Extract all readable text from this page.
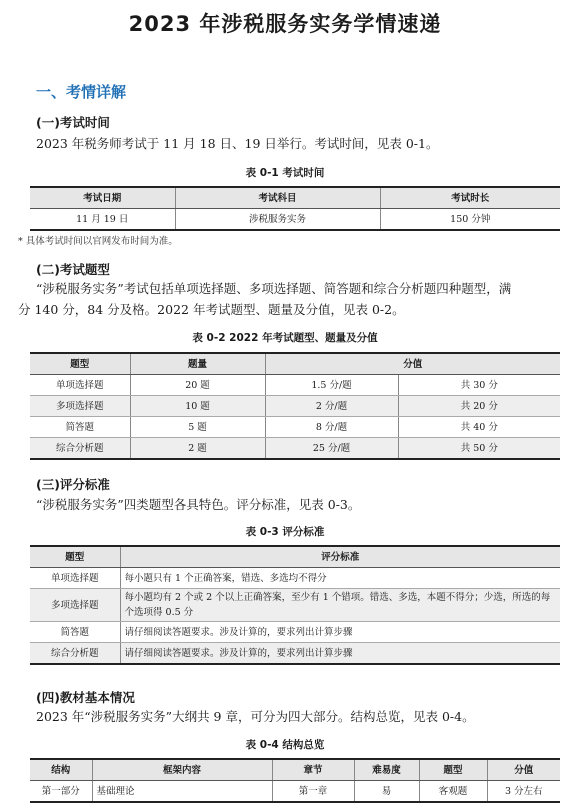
2023 年涉税服务实务学情速递
一、考情详解
(一)考试时间
2023 年税务师考试于 11 月 18 日、19 日举行。考试时间，见表 0-1。
表 0-1 考试时间
考试日期	考试科目	考试时长
11 月 19 日	涉税服务实务	150 分钟
* 具体考试时间以官网发布时间为准。
(二)考试题型
“涉税服务实务”考试包括单项选择题、多项选择题、简答题和综合分析题四种题型，满
分 140 分，84 分及格。2022 年考试题型、题量及分值，见表 0-2。
表 0-2 2022 年考试题型、题量及分值
题型	题量	分值	
单项选择题	20 题	1.5 分/题	共 30 分
多项选择题	10 题	2 分/题	共 20 分
简答题	5 题	8 分/题	共 40 分
综合分析题	2 题	25 分/题	共 50 分
(三)评分标准
“涉税服务实务”四类题型各具特色。评分标准，见表 0-3。
表 0-3 评分标准
题型	评分标准
单项选择题	每小题只有 1 个正确答案，错选、多选均不得分
多项选择题	每小题均有 2 个或 2 个以上正确答案，至少有 1 个错项。错选、多选，本题不得分；少选，所选的每个选项得 0.5 分
简答题	请仔细阅读答题要求。涉及计算的，要求列出计算步骤
综合分析题	请仔细阅读答题要求。涉及计算的，要求列出计算步骤
(四)教材基本情况
2023 年“涉税服务实务”大纲共 9 章，可分为四大部分。结构总览，见表 0-4。
表 0-4 结构总览
结构	框架内容	章节	难易度	题型	分值
第一部分	基础理论	第一章	易	客观题	3 分左右
